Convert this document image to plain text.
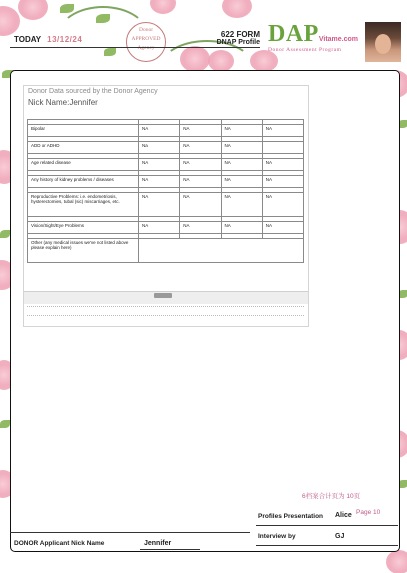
TODAY 13/12/24
Donor
APPROVED
Agency
622 FORM
DNAP Profile DAPVitame.com
Donor Assessment Program
Donor Data sourced by the Donor Agency
Nick Name:Jennifer

Bipolar	NA	NA	NA	NA

ADD or ADHD	Na	NA	NA	

Age related disease	NA	NA	NA	NA

Any history of kidney problems / diseases	NA	NA	NA	NA

Reproductive Problems: i.e. endometriosis, hysterectomies, tubal (sic) miscarriages, etc.	NA	NA	NA	NA

Vision/Sight/Eye Problems	NA	NA	NA	NA

Other (any medical issues we've not listed above please explain here)				
6档案合计页为 10页
Profiles Presentation Alice Page 10
Interview by	GJ
DONOR Applicant Nick Name	Jennifer
